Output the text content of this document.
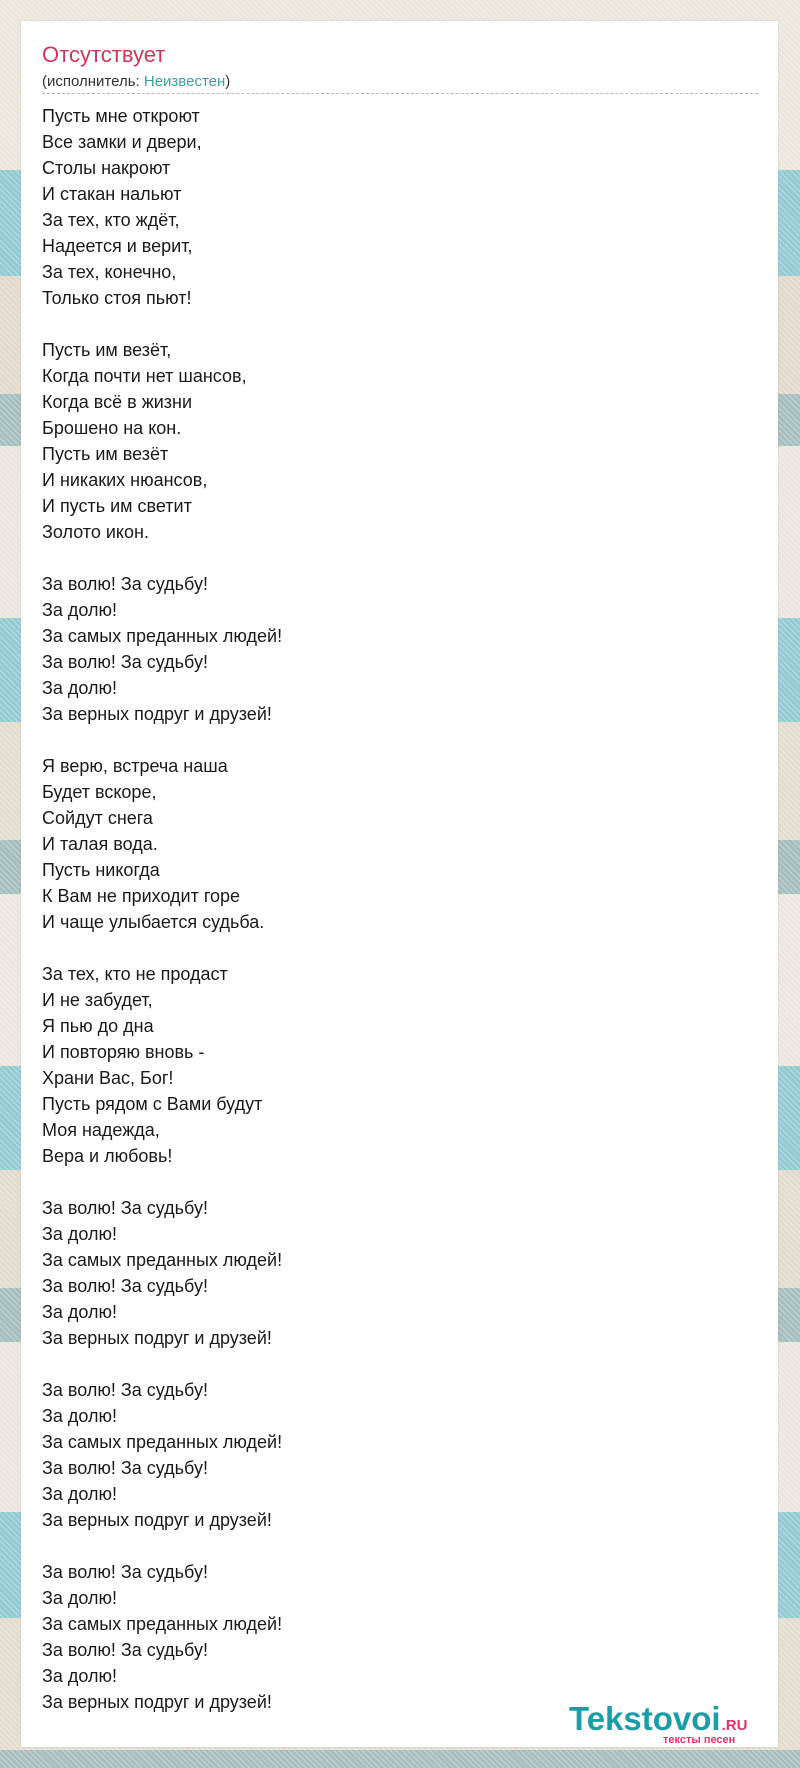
Отсутствует
(исполнитель: Неизвестен)
Пусть мне откроют
Все замки и двери,
Столы накроют
И стакан нальют
За тех, кто ждёт,
Надеется и верит,
За тех, конечно,
Только стоя пьют!
Пусть им везёт,
Когда почти нет шансов,
Когда всё в жизни
Брошено на кон.
Пусть им везёт
И никаких нюансов,
И пусть им светит
Золото икон.
За волю! За судьбу!
За долю!
За самых преданных людей!
За волю! За судьбу!
За долю!
За верных подруг и друзей!
Я верю, встреча наша
Будет вскоре,
Сойдут снега
И талая вода.
Пусть никогда
К Вам не приходит горе
И чаще улыбается судьба.
За тех, кто не продаст
И не забудет,
Я пью до дна
И повторяю вновь -
Храни Вас, Бог!
Пусть рядом с Вами будут
Моя надежда,
Вера и любовь!
За волю! За судьбу!
За долю!
За самых преданных людей!
За волю! За судьбу!
За долю!
За верных подруг и друзей!
За волю! За судьбу!
За долю!
За самых преданных людей!
За волю! За судьбу!
За долю!
За верных подруг и друзей!
За волю! За судьбу!
За долю!
За самых преданных людей!
За волю! За судьбу!
За долю!
За верных подруг и друзей!	Tekstovoi.RU
тексты песен
